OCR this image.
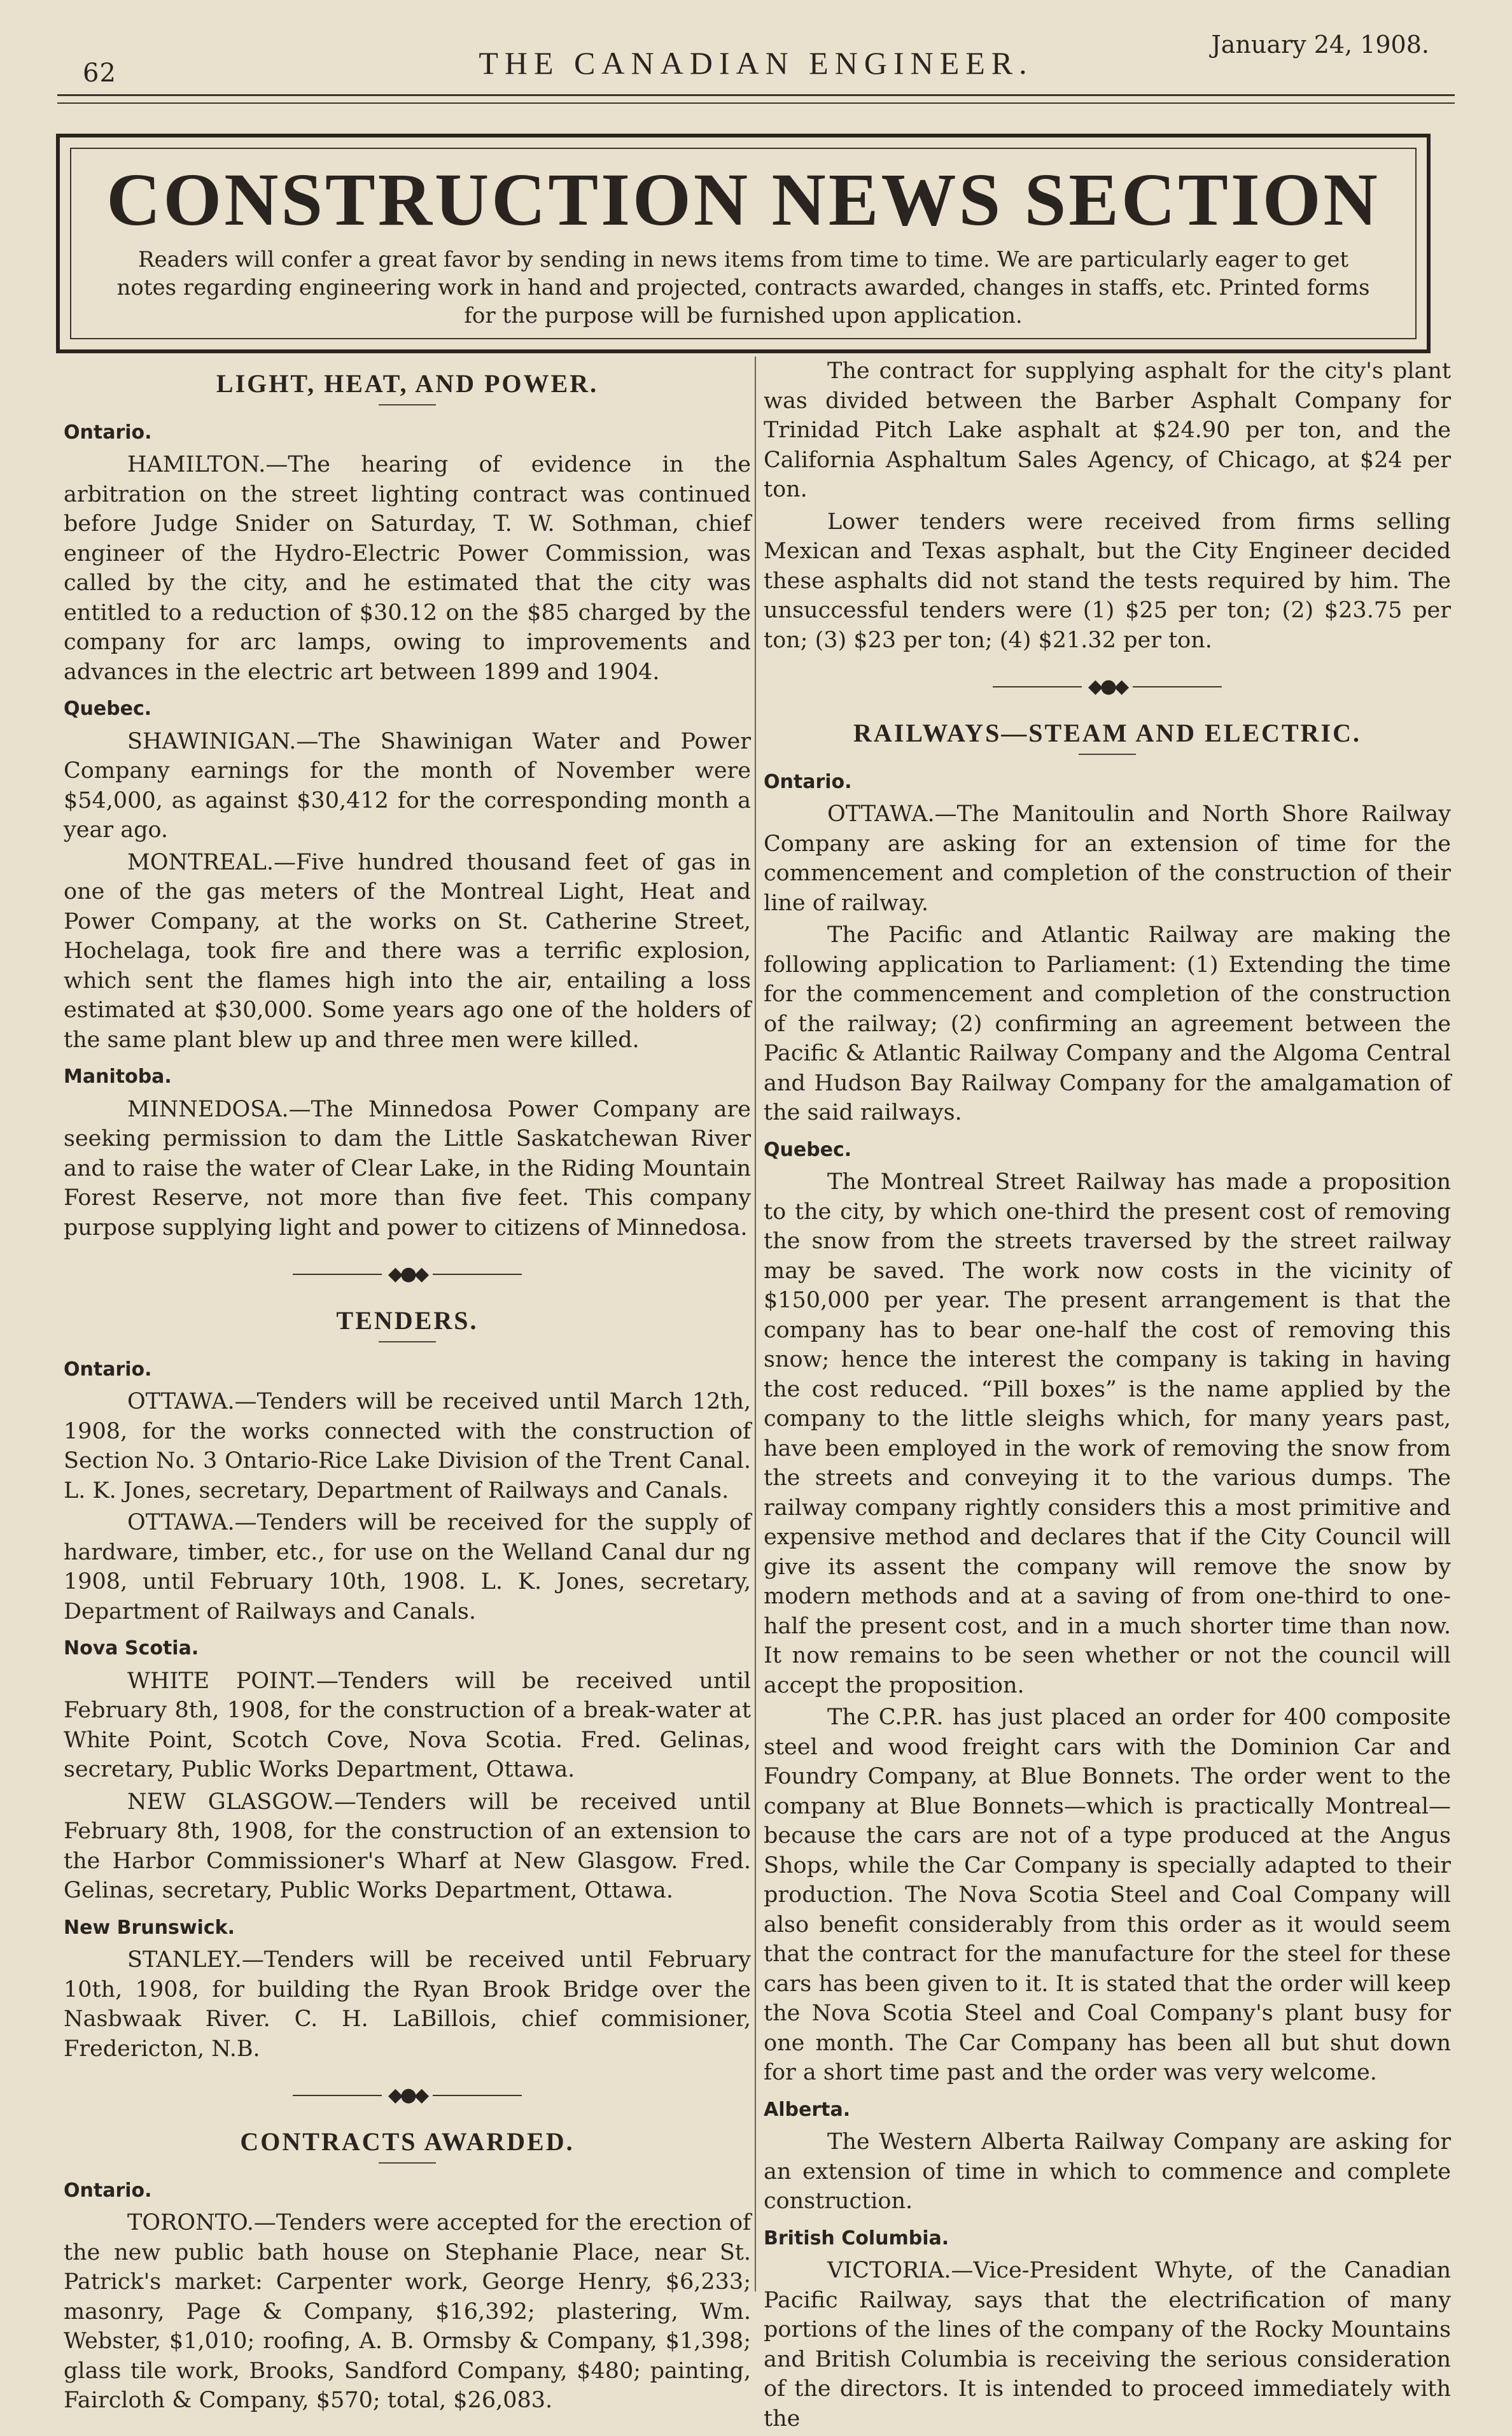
62	THE CANADIAN ENGINEER.
January 24, 1908.
CONSTRUCTION NEWS SECTION
Readers will confer a great favor by sending in news items from time to time. We are particularly eager to get notes regarding engineering work in hand and projected, contracts awarded, changes in staffs, etc. Printed forms for the purpose will be furnished upon application.
LIGHT, HEAT, AND POWER.
Ontario.

HAMILTON.—The hearing of evidence in the arbitration on the street lighting contract was continued before Judge Snider on Saturday, T. W. Sothman, chief engineer of the Hydro-Electric Power Commission, was called by the city, and he estimated that the city was entitled to a reduction of $30.12 on the $85 charged by the company for arc lamps, owing to improvements and advances in the electric art between 1899 and 1904.

Quebec.

SHAWINIGAN.—The Shawinigan Water and Power Company earnings for the month of November were $54,000, as against $30,412 for the corresponding month a year ago.

MONTREAL.—Five hundred thousand feet of gas in one of the gas meters of the Montreal Light, Heat and Power Company, at the works on St. Catherine Street, Hochelaga, took fire and there was a terrific explosion, which sent the flames high into the air, entailing a loss estimated at $30,000. Some years ago one of the holders of the same plant blew up and three men were killed.

Manitoba.

MINNEDOSA.—The Minnedosa Power Company are seeking permission to dam the Little Saskatchewan River and to raise the water of Clear Lake, in the Riding Mountain Forest Reserve, not more than five feet. This company purpose supplying light and power to citizens of Minnedosa.

◆●◆
TENDERS.
Ontario.

OTTAWA.—Tenders will be received until March 12th, 1908, for the works connected with the construction of Section No. 3 Ontario-Rice Lake Division of the Trent Canal. L. K. Jones, secretary, Department of Railways and Canals.

OTTAWA.—Tenders will be received for the supply of hardware, timber, etc., for use on the Welland Canal dur ng 1908, until February 10th, 1908. L. K. Jones, secretary, Department of Railways and Canals.

Nova Scotia.

WHITE POINT.—Tenders will be received until February 8th, 1908, for the construction of a break-water at White Point, Scotch Cove, Nova Scotia. Fred. Gelinas, secretary, Public Works Department, Ottawa.

NEW GLASGOW.—Tenders will be received until February 8th, 1908, for the construction of an extension to the Harbor Commissioner's Wharf at New Glasgow. Fred. Gelinas, secretary, Public Works Department, Ottawa.

New Brunswick.

STANLEY.—Tenders will be received until February 10th, 1908, for building the Ryan Brook Bridge over the Nasbwaak River. C. H. LaBillois, chief commisioner, Fredericton, N.B.

◆●◆
CONTRACTS AWARDED.
Ontario.

TORONTO.—Tenders were accepted for the erection of the new public bath house on Stephanie Place, near St. Patrick's market: Carpenter work, George Henry, $6,233; masonry, Page & Company, $16,392; plastering, Wm. Webster, $1,010; roofing, A. B. Ormsby & Company, $1,398; glass tile work, Brooks, Sandford Company, $480; painting, Faircloth & Company, $570; total, $26,083.

The contract for supplying asphalt for the city's plant was divided between the Barber Asphalt Company for Trinidad Pitch Lake asphalt at $24.90 per ton, and the California Asphaltum Sales Agency, of Chicago, at $24 per ton.

Lower tenders were received from firms selling Mexican and Texas asphalt, but the City Engineer decided these asphalts did not stand the tests required by him. The unsuccessful tenders were (1) $25 per ton; (2) $23.75 per ton; (3) $23 per ton; (4) $21.32 per ton.

◆●◆
RAILWAYS—STEAM AND ELECTRIC.
Ontario.

OTTAWA.—The Manitoulin and North Shore Railway Company are asking for an extension of time for the commencement and completion of the construction of their line of railway.

The Pacific and Atlantic Railway are making the following application to Parliament: (1) Extending the time for the commencement and completion of the construction of the railway; (2) confirming an agreement between the Pacific & Atlantic Railway Company and the Algoma Central and Hudson Bay Railway Company for the amalgamation of the said railways.

Quebec.

The Montreal Street Railway has made a proposition to the city, by which one-third the present cost of removing the snow from the streets traversed by the street railway may be saved. The work now costs in the vicinity of $150,000 per year. The present arrangement is that the company has to bear one-half the cost of removing this snow; hence the interest the company is taking in having the cost reduced. “Pill boxes” is the name applied by the company to the little sleighs which, for many years past, have been employed in the work of removing the snow from the streets and conveying it to the various dumps. The railway company rightly considers this a most primitive and expensive method and declares that if the City Council will give its assent the company will remove the snow by modern methods and at a saving of from one-third to one-half the present cost, and in a much shorter time than now. It now remains to be seen whether or not the council will accept the proposition.

The C.P.R. has just placed an order for 400 composite steel and wood freight cars with the Dominion Car and Foundry Company, at Blue Bonnets. The order went to the company at Blue Bonnets—which is practically Montreal—because the cars are not of a type produced at the Angus Shops, while the Car Company is specially adapted to their production. The Nova Scotia Steel and Coal Company will also benefit considerably from this order as it would seem that the contract for the manufacture for the steel for these cars has been given to it. It is stated that the order will keep the Nova Scotia Steel and Coal Company's plant busy for one month. The Car Company has been all but shut down for a short time past and the order was very welcome.

Alberta.

The Western Alberta Railway Company are asking for an extension of time in which to commence and complete construction.

British Columbia.

VICTORIA.—Vice-President Whyte, of the Canadian Pacific Railway, says that the electrification of many portions of the lines of the company of the Rocky Mountains and British Columbia is receiving the serious consideration of the directors. It is intended to proceed immediately with the
